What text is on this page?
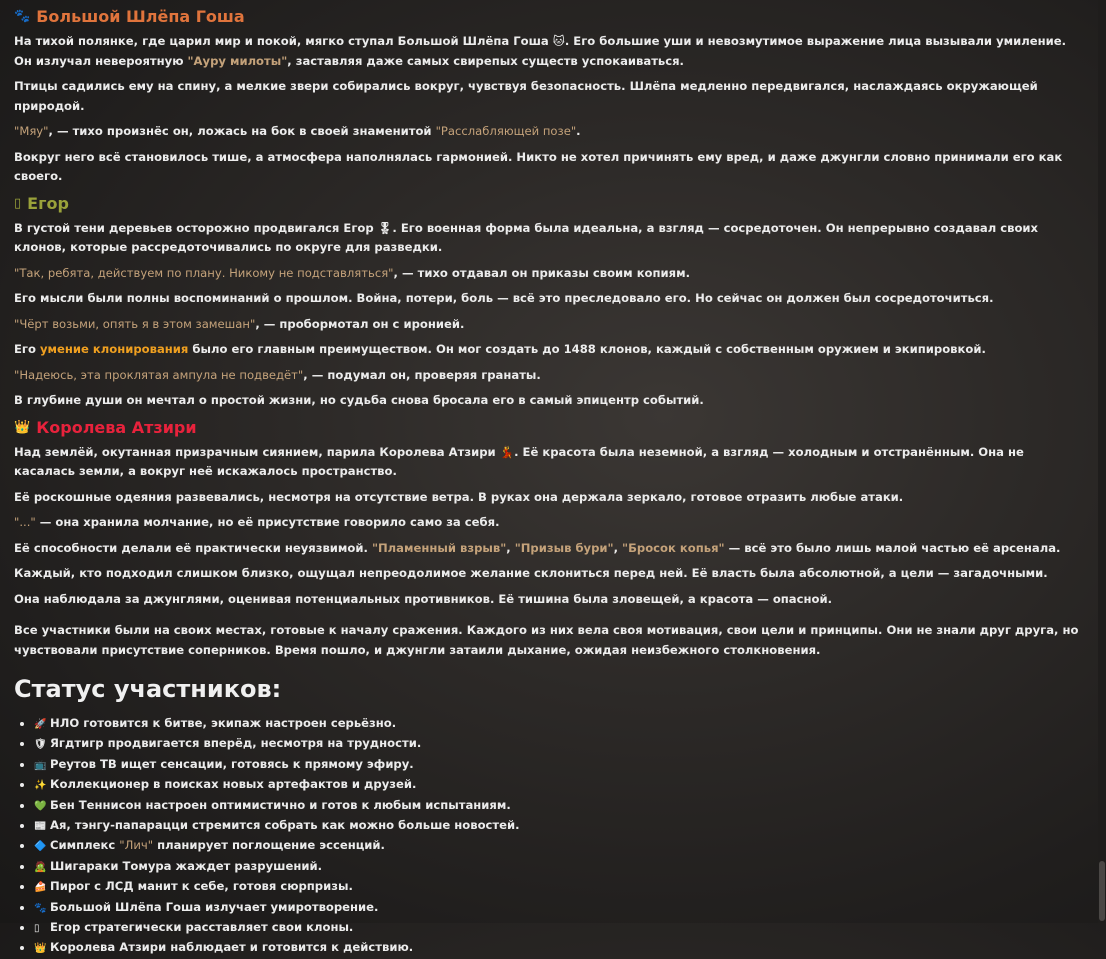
🐾 Большой Шлёпа Гоша

На тихой полянке, где царил мир и покой, мягко ступал Большой Шлёпа Гоша 🐱. Его большие уши и невозмутимое выражение лица вызывали умиление. Он излучал невероятную "Ауру милоты", заставляя даже самых свирепых существ успокаиваться.

Птицы садились ему на спину, а мелкие звери собирались вокруг, чувствуя безопасность. Шлёпа медленно передвигался, наслаждаясь окружающей природой.

"Мяу", — тихо произнёс он, ложась на бок в своей знаменитой "Расслабляющей позе".

Вокруг него всё становилось тише, а атмосфера наполнялась гармонией. Никто не хотел причинять ему вред, и даже джунгли словно принимали его как своего.

▯ Егор

В густой тени деревьев осторожно продвигался Егор 🎖. Его военная форма была идеальна, а взгляд — сосредоточен. Он непрерывно создавал своих клонов, которые рассредоточивались по округе для разведки.

"Так, ребята, действуем по плану. Никому не подставляться", — тихо отдавал он приказы своим копиям.

Его мысли были полны воспоминаний о прошлом. Война, потери, боль — всё это преследовало его. Но сейчас он должен был сосредоточиться.

"Чёрт возьми, опять я в этом замешан", — пробормотал он с иронией.

Его умение клонирования было его главным преимуществом. Он мог создать до 1488 клонов, каждый с собственным оружием и экипировкой.

"Надеюсь, эта проклятая ампула не подведёт", — подумал он, проверяя гранаты.

В глубине души он мечтал о простой жизни, но судьба снова бросала его в самый эпицентр событий.

👑 Королева Атзири

Над землёй, окутанная призрачным сиянием, парила Королева Атзири 💃. Её красота была неземной, а взгляд — холодным и отстранённым. Она не касалась земли, а вокруг неё искажалось пространство.

Её роскошные одеяния развевались, несмотря на отсутствие ветра. В руках она держала зеркало, готовое отразить любые атаки.

"..." — она хранила молчание, но её присутствие говорило само за себя.

Её способности делали её практически неуязвимой. "Пламенный взрыв", "Призыв бури", "Бросок копья" — всё это было лишь малой частью её арсенала.

Каждый, кто подходил слишком близко, ощущал непреодолимое желание склониться перед ней. Её власть была абсолютной, а цели — загадочными.

Она наблюдала за джунглями, оценивая потенциальных противников. Её тишина была зловещей, а красота — опасной.

Все участники были на своих местах, готовые к началу сражения. Каждого из них вела своя мотивация, свои цели и принципы. Они не знали друг друга, но чувствовали присутствие соперников. Время пошло, и джунгли затаили дыхание, ожидая неизбежного столкновения.

Статус участников:
• 🚀 НЛО готовится к битве, экипаж настроен серьёзно.
• 🛡 Ягдтигр продвигается вперёд, несмотря на трудности.
• 📺 Реутов ТВ ищет сенсации, готовясь к прямому эфиру.
• ✨ Коллекционер в поисках новых артефактов и друзей.
• 💚 Бен Теннисон настроен оптимистично и готов к любым испытаниям.
• 📰 Ая, тэнгу-папарацци стремится собрать как можно больше новостей.
• 🔷 Симплекс "Лич" планирует поглощение эссенций.
• 🧟 Шигараки Томура жаждет разрушений.
• 🍰 Пирог с ЛСД манит к себе, готовя сюрпризы.
• 🐾 Большой Шлёпа Гоша излучает умиротворение.
• ▯ Егор стратегически расставляет свои клоны.
• 👑 Королева Атзири наблюдает и готовится к действию.
